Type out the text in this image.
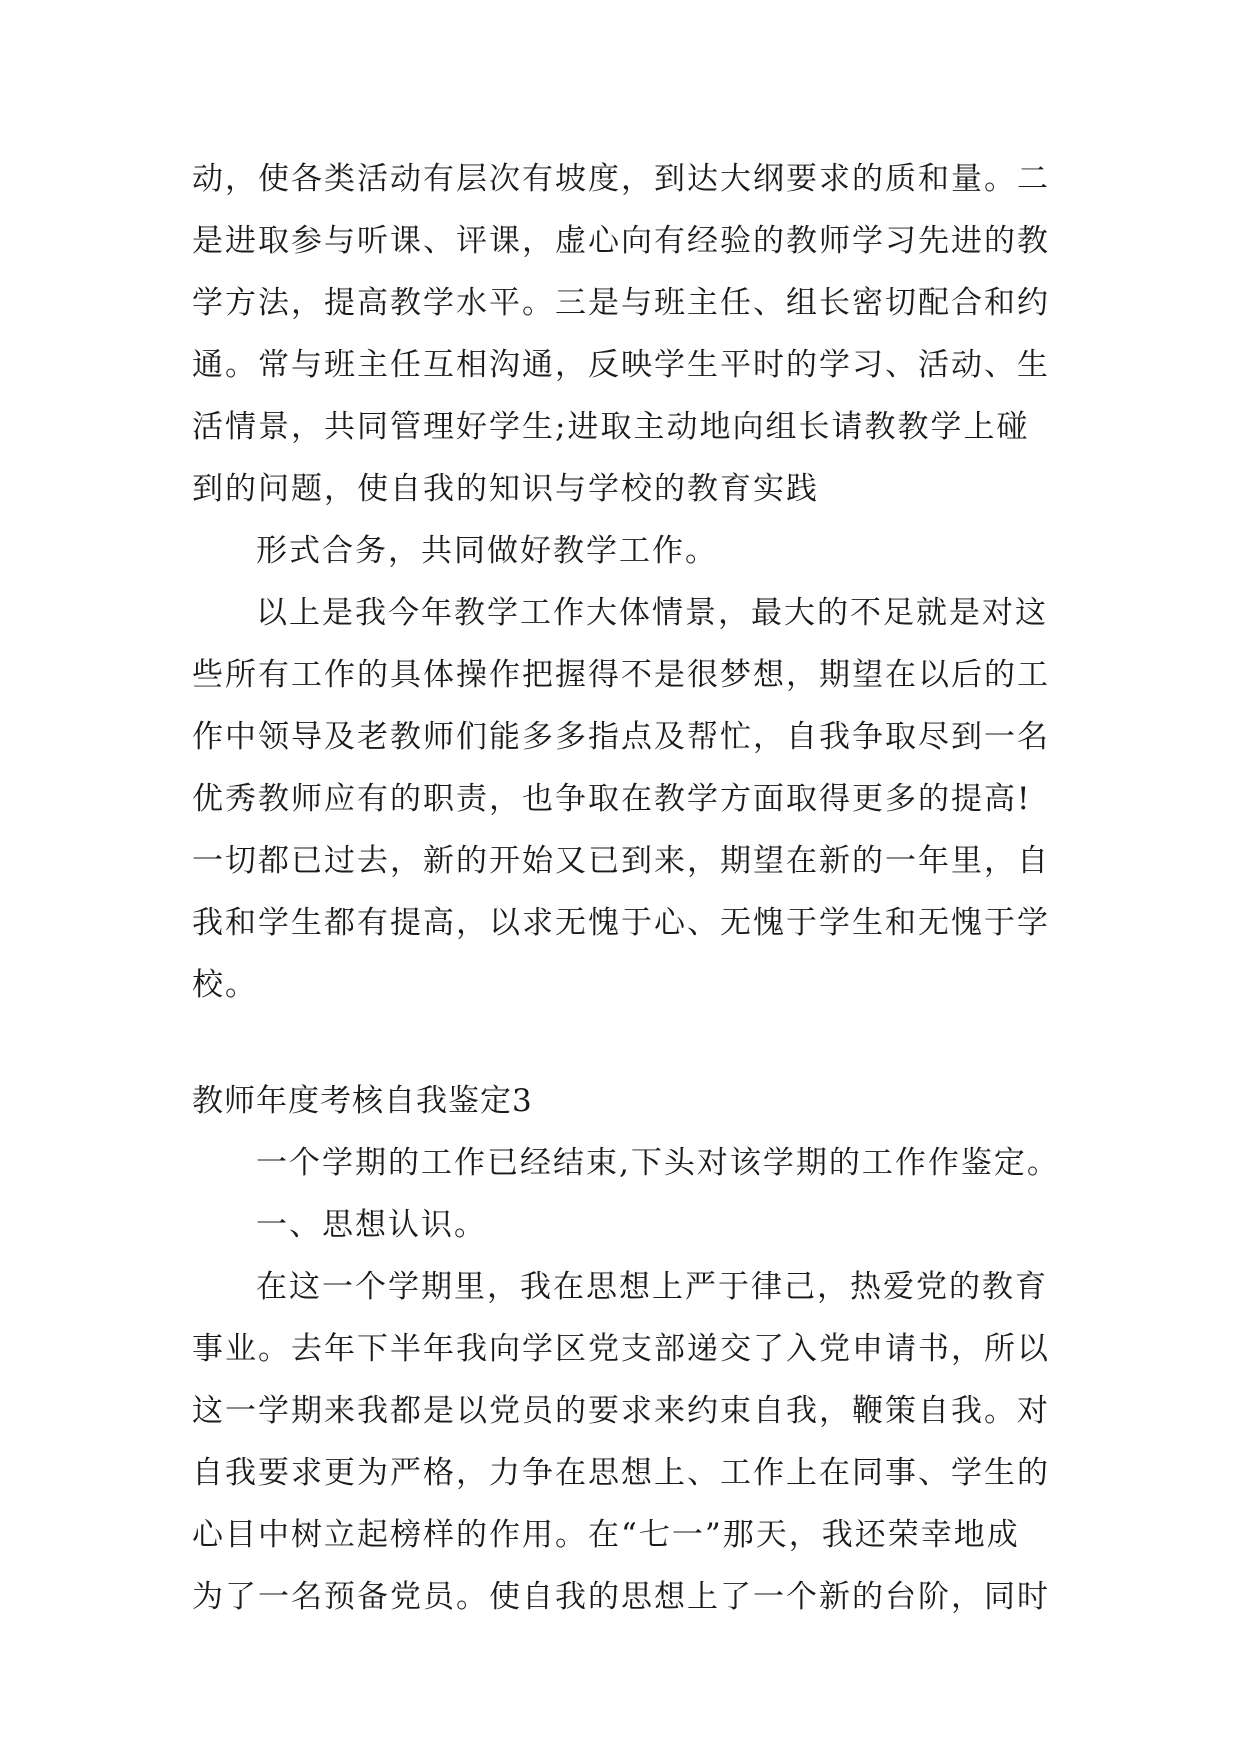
动，使各类活动有层次有坡度，到达大纲要求的质和量。二
是进取参与听课、评课，虚心向有经验的教师学习先进的教
学方法，提高教学水平。三是与班主任、组长密切配合和约
通。常与班主任互相沟通，反映学生平时的学习、活动、生
活情景，共同管理好学生;进取主动地向组长请教教学上碰
到的问题，使自我的知识与学校的教育实践
形式合务，共同做好教学工作。
以上是我今年教学工作大体情景，最大的不足就是对这
些所有工作的具体操作把握得不是很梦想，期望在以后的工
作中领导及老教师们能多多指点及帮忙，自我争取尽到一名
优秀教师应有的职责，也争取在教学方面取得更多的提高!
一切都已过去，新的开始又已到来，期望在新的一年里，自
我和学生都有提高，以求无愧于心、无愧于学生和无愧于学
校。
教师年度考核自我鉴定3
一个学期的工作已经结束,下头对该学期的工作作鉴定。
一、思想认识。
在这一个学期里，我在思想上严于律己，热爱党的教育
事业。去年下半年我向学区党支部递交了入党申请书，所以
这一学期来我都是以党员的要求来约束自我，鞭策自我。对
自我要求更为严格，力争在思想上、工作上在同事、学生的
心目中树立起榜样的作用。在“七一”那天，我还荣幸地成
为了一名预备党员。使自我的思想上了一个新的台阶，同时
